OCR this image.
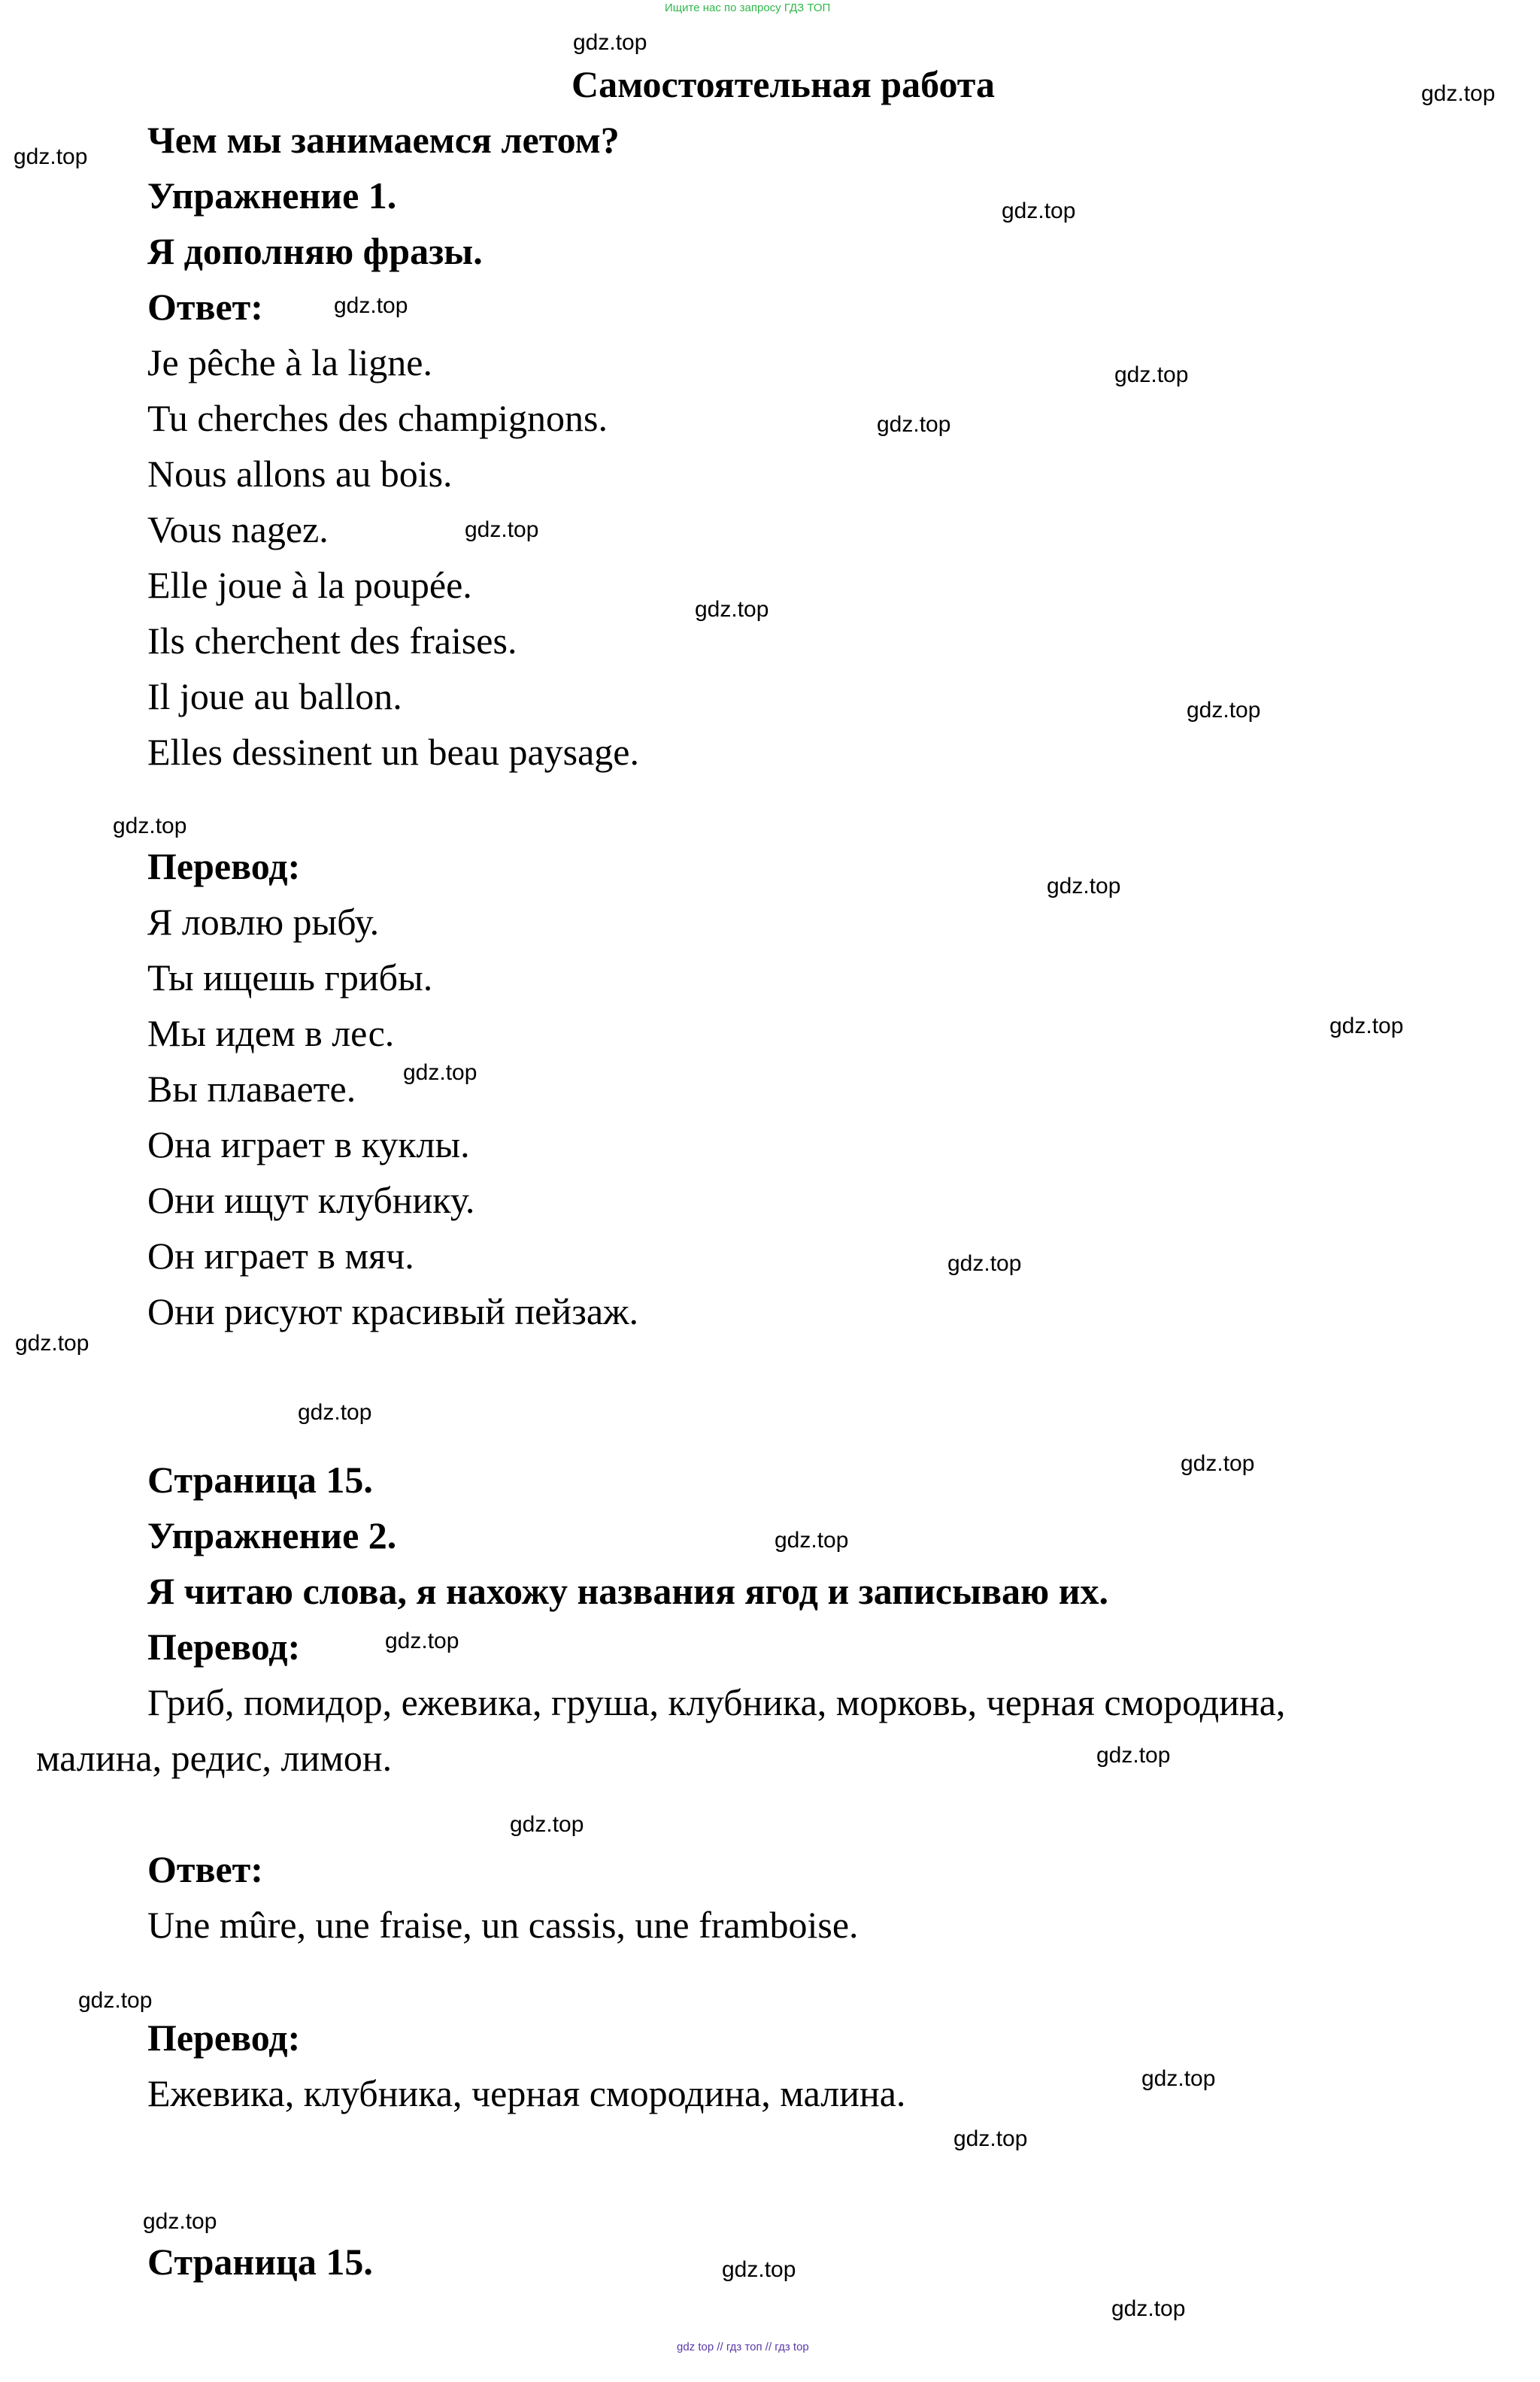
Ищите нас по запросу ГДЗ ТОП
gdz top // гдз топ // гдз top
Самостоятельная работа
Чем мы занимаемся летом?
Упражнение 1.
Я дополняю фразы.
Ответ:
Je pêche à la ligne.
Tu cherches des champignons.
Nous allons au bois.
Vous nagez.
Elle joue à la poupée.
Ils cherchent des fraises.
Il joue au ballon.
Elles dessinent un beau paysage.
Перевод:
Я ловлю рыбу.
Ты ищешь грибы.
Мы идем в лес.
Вы плаваете.
Она играет в куклы.
Они ищут клубнику.
Он играет в мяч.
Они рисуют красивый пейзаж.
Страница 15.
Упражнение 2.
Я читаю слова, я нахожу названия ягод и записываю их.
Перевод:
Гриб, помидор, ежевика, груша, клубника, морковь, черная смородина,
малина, редис, лимон.
Ответ:
Une mûre, une fraise, un cassis, une framboise.
Перевод:
Ежевика, клубника, черная смородина, малина.
Страница 15.
gdz.top
gdz.top
gdz.top
gdz.top
gdz.top
gdz.top
gdz.top
gdz.top
gdz.top
gdz.top
gdz.top
gdz.top
gdz.top
gdz.top
gdz.top
gdz.top
gdz.top
gdz.top
gdz.top
gdz.top
gdz.top
gdz.top
gdz.top
gdz.top
gdz.top
gdz.top
gdz.top
gdz.top
